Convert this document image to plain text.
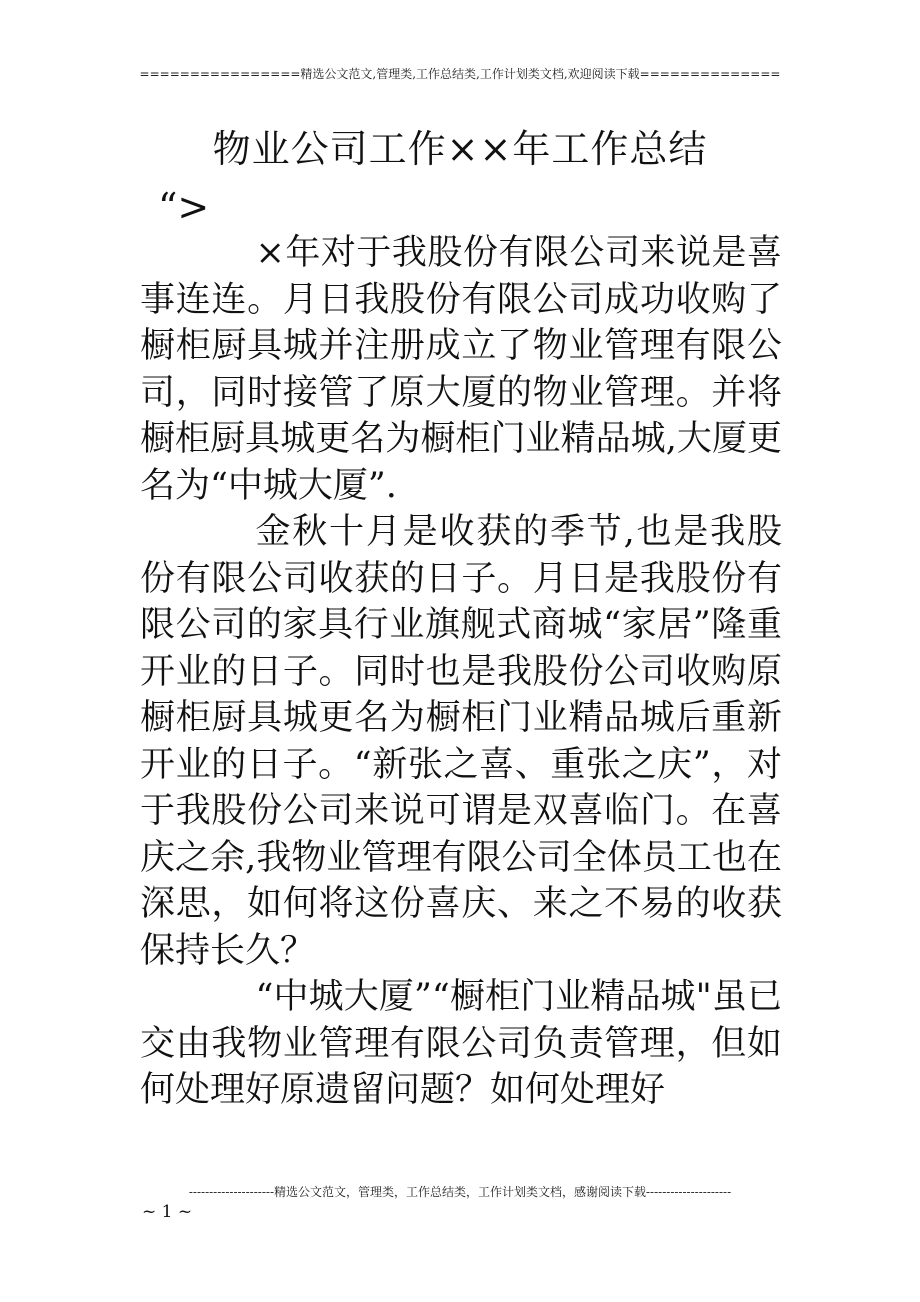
================精选公文范文,管理类,工作总结类,工作计划类文档,欢迎阅读下载==============
物业公司工作××年工作总结
“>

×年对于我股份有限公司来说是喜事连连。月日我股份有限公司成功收购了橱柜厨具城并注册成立了物业管理有限公司，同时接管了原大厦的物业管理。并将橱柜厨具城更名为橱柜门业精品城,大厦更名为“中城大厦”.

金秋十月是收获的季节,也是我股份有限公司收获的日子。月日是我股份有限公司的家具行业旗舰式商城“家居”隆重开业的日子。同时也是我股份公司收购原橱柜厨具城更名为橱柜门业精品城后重新开业的日子。“新张之喜、重张之庆”，对于我股份公司来说可谓是双喜临门。在喜庆之余,我物业管理有限公司全体员工也在深思，如何将这份喜庆、来之不易的收获保持长久？

“中城大厦”“橱柜门业精品城"虽已交由我物业管理有限公司负责管理，但如何处理好原遗留问题？如何处理好

---------------------精选公文范文，管理类，工作总结类，工作计划类文档，感谢阅读下载---------------------
~ 1 ~
